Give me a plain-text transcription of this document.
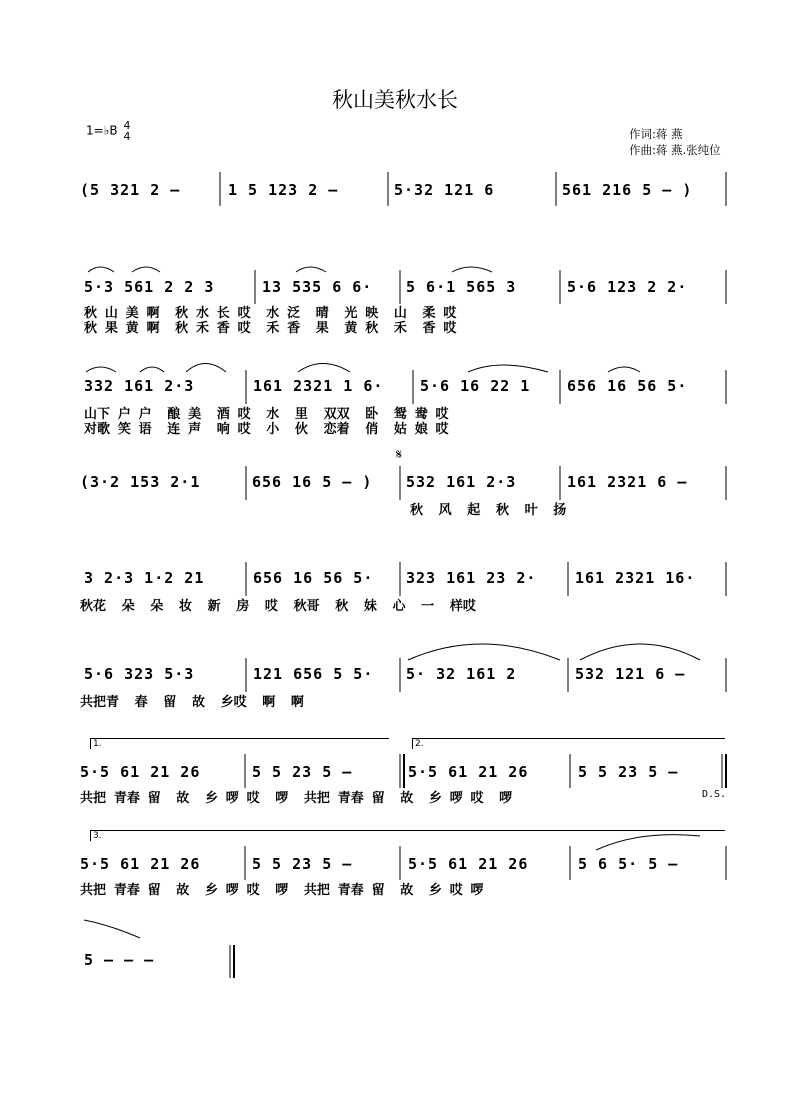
秋山美秋水长
1=♭B 4
4	作词:蒋 燕
作曲:蒋 燕.张纯位
(5 321 2 –	1 5 123 2 –	5·32 121 6	561 216 5 – )
5·3 561 2 2 3	13 535 6 6· 5 6·1 565 3	5·6 123 2 2·
秋 山 美 啊  秋 水 长 哎  水 泛  晴  光 映  山  柔 哎
秋 果 黄 啊  秋 禾 香 哎  禾 香  果  黄 秋  禾  香 哎
332 161 2·3	161 2321 1 6· 5·6 16 22 1 656 16 56 5·
山下 户 户  酿 美  酒 哎  水  里  双双  卧  鸳 鸯 哎
对歌 笑 语  连 声  响 哎  小  伙  恋着  俏  姑 娘 哎
𝄋
(3·2 153 2·1	656 16 5 – ) 532 161 2·3	161 2321 6 –
秋  风  起  秋  叶  扬
3 2·3 1·2 21	656 16 56 5· 323 161 23 2·	161 2321 16·
秋花  朵  朵  妆  新  房  哎  秋哥  秋  妹  心  一  样哎
5·6 323 5·3	121 656 5 5· 5· 32 161 2	532 121 6 –
共把青  春  留  故  乡哎  啊  啊
1.	2.
5·5 61 21 26	5 5 23 5 –	5·5 61 21 26	5 5 23 5 –
共把 青春 留  故  乡 啰 哎  啰  共把 青春 留  故  乡 啰 哎  啰	D.S.
3.
5·5 61 21 26	5 5 23 5 –	5·5 61 21 26	5 6 5· 5 –
共把 青春 留  故  乡 啰 哎  啰  共把 青春 留  故  乡 哎 啰
5 – – –
